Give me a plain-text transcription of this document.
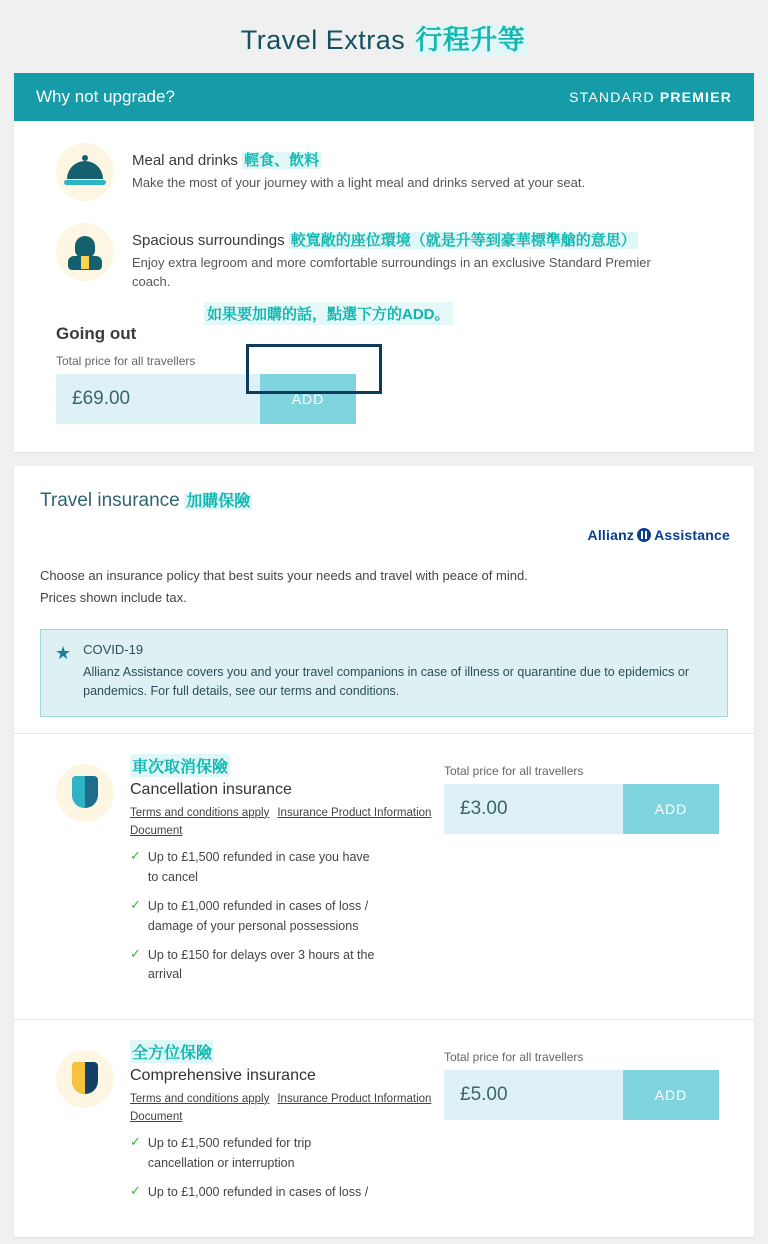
Travel Extras 行程升等
Why not upgrade?	STANDARD PREMIER
Meal and drinks 輕食、飲料
Make the most of your journey with a light meal and drinks served at your seat.
Spacious surroundings 較寬敞的座位環境（就是升等到豪華標準艙的意思）
Enjoy extra legroom and more comfortable surroundings in an exclusive Standard Premier coach.
Going out
Total price for all travellers
如果要加購的話，點選下方的ADD。
£69.00	ADD
Travel insurance 加購保險
Allianz Assistance
Choose an insurance policy that best suits your needs and travel with peace of mind.
Prices shown include tax.
★ COVID-19
Allianz Assistance covers you and your travel companions in case of illness or quarantine due to epidemics or pandemics. For full details, see our terms and conditions.
車次取消保險
Cancellation insurance
Terms and conditions apply Insurance Product Information Document
✓ Up to £1,500 refunded in case you have to cancel
✓ Up to £1,000 refunded in cases of loss / damage of your personal possessions
✓ Up to £150 for delays over 3 hours at the arrival
Total price for all travellers
£3.00	ADD
全方位保險
Comprehensive insurance
Terms and conditions apply Insurance Product Information Document
✓ Up to £1,500 refunded for trip cancellation or interruption
✓ Up to £1,000 refunded in cases of loss /
Total price for all travellers
£5.00	ADD
